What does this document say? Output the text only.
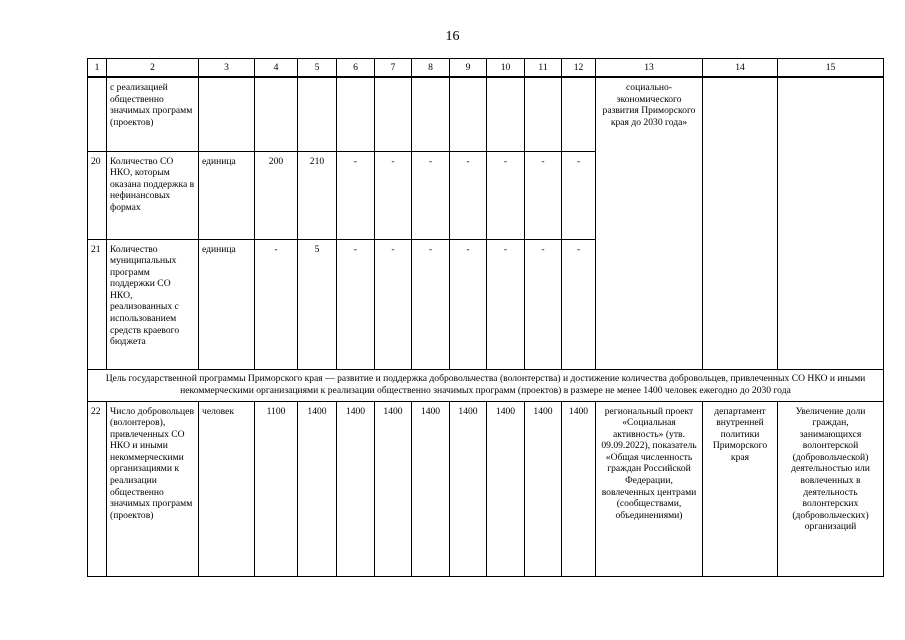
16
1	2	3	4	5	6	7	8	9	10	11	12	13	14	15
	с реализацией общественно значимых программ (проектов)											социально-экономического развития Приморского края до 2030 года»		
20	Количество СО НКО, которым оказана поддержка в нефинансовых формах	единица	200	210	-	-	-	-	-	-	-			
21	Количество муниципальных программ поддержки СО НКО, реализованных с использованием средств краевого бюджета	единица	-	5	-	-	-	-	-	-	-			
Цель государственной программы Приморского края — развитие и поддержка добровольчества (волонтерства) и достижение количества добровольцев, привлеченных СО НКО и иными некоммерческими организациями к реализации общественно значимых программ (проектов) в размере не менее 1400 человек ежегодно до 2030 года														
22	Число добровольцев (волонтеров), привлеченных СО НКО и иными некоммерческими организациями к реализации общественно значимых программ (проектов)	человек	1100	1400	1400	1400	1400	1400	1400	1400	1400	региональный проект «Социальная активность» (утв. 09.09.2022), показатель «Общая численность граждан Российской Федерации, вовлеченных центрами (сообществами, объединениями)	департамент внутренней политики Приморского края	Увеличение доли граждан, занимающихся волонтерской (добровольческой) деятельностью или вовлеченных в деятельность волонтерских (добровольческих) организаций
